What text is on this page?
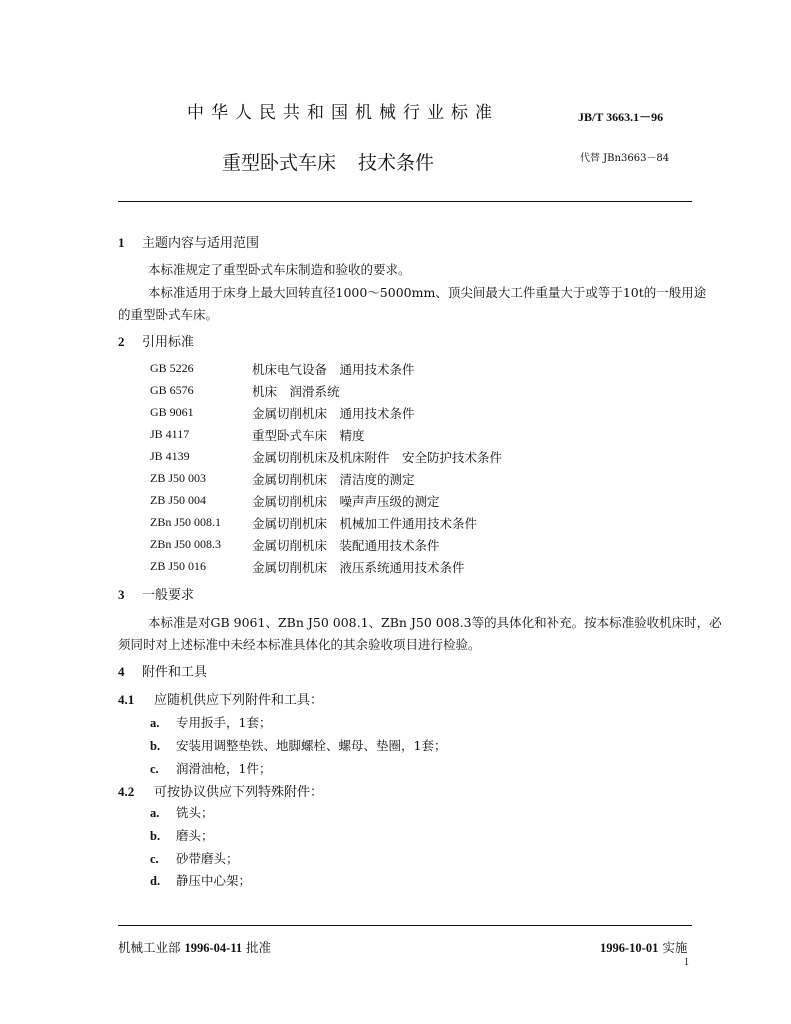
中华人民共和国机械行业标准	JB/T 3663.1－96
重型卧式车床 技术条件	代替 JBn3663－84
1 主题内容与适用范围
本标准规定了重型卧式车床制造和验收的要求。
本标准适用于床身上最大回转直径1000～5000mm、顶尖间最大工件重量大于或等于10t的一般用途
的重型卧式车床。
2 引用标准
GB 5226	机床电气设备　通用技术条件
GB 6576	机床　润滑系统
GB 9061	金属切削机床　通用技术条件
JB 4117	重型卧式车床　精度
JB 4139	金属切削机床及机床附件　安全防护技术条件
ZB J50 003	金属切削机床　清洁度的测定
ZB J50 004	金属切削机床　噪声声压级的测定
ZBn J50 008.1 金属切削机床　机械加工件通用技术条件
ZBn J50 008.3 金属切削机床　装配通用技术条件
ZB J50 016	金属切削机床　液压系统通用技术条件
3 一般要求
本标准是对GB 9061、ZBn J50 008.1、ZBn J50 008.3等的具体化和补充。按本标准验收机床时，必
须同时对上述标准中未经本标准具体化的其余验收项目进行检验。
4 附件和工具
4.1 应随机供应下列附件和工具：
a. 专用扳手，1套；
b. 安装用调整垫铁、地脚螺栓、螺母、垫圈，1套；
c. 润滑油枪，1件；
4.2 可按协议供应下列特殊附件：
a. 铣头；
b. 磨头；
c. 砂带磨头；
d. 静压中心架；
机械工业部 1996-04-11 批准	1996-10-01 实施
1
